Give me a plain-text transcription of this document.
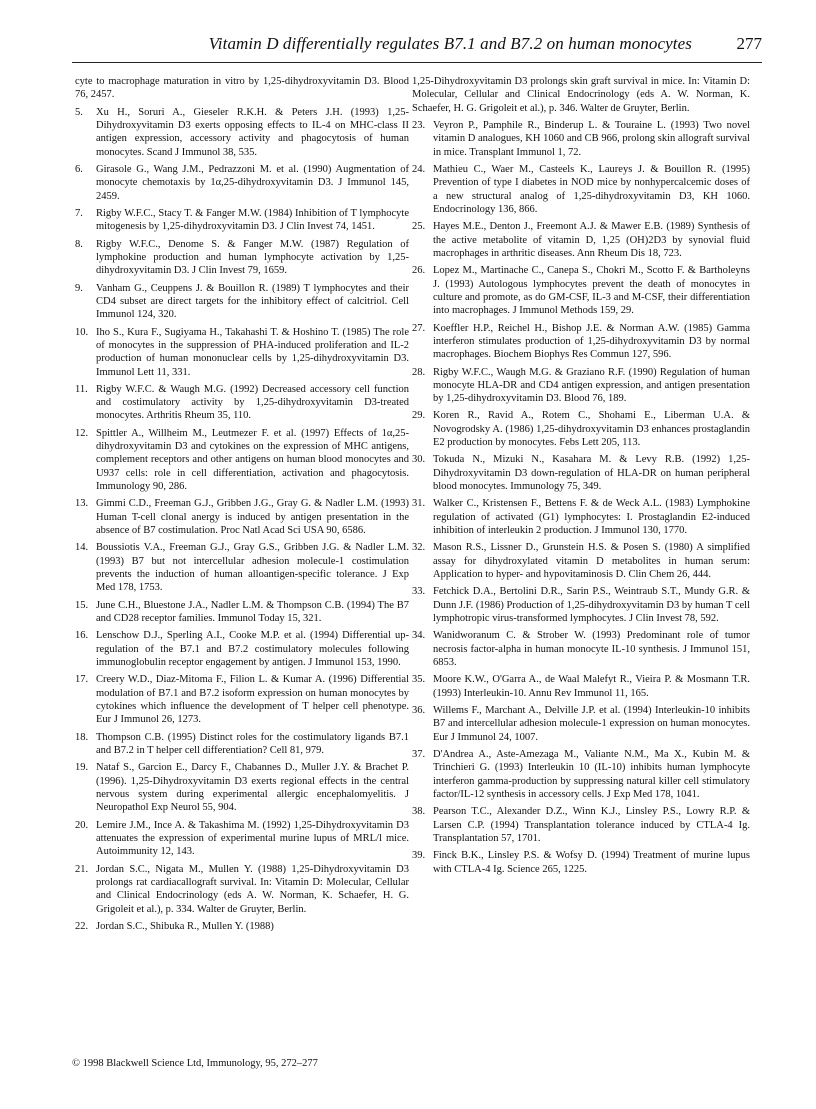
Vitamin D differentially regulates B7.1 and B7.2 on human monocytes	277
cyte to macrophage maturation in vitro by 1,25-dihydroxyvitamin D3. Blood 76, 2457.
5.	Xu H., Soruri A., Gieseler R.K.H. & Peters J.H. (1993) 1,25-Dihydroxyvitamin D3 exerts opposing effects to IL-4 on MHC-class II antigen expression, accessory activity and phagocytosis of human monocytes. Scand J Immunol 38, 535.
6.	Girasole G., Wang J.M., Pedrazzoni M. et al. (1990) Augmentation of monocyte chemotaxis by 1α,25-dihydroxyvitamin D3. J Immunol 145, 2459.
7.	Rigby W.F.C., Stacy T. & Fanger M.W. (1984) Inhibition of T lymphocyte mitogenesis by 1,25-dihydroxyvitamin D3. J Clin Invest 74, 1451.
8.	Rigby W.F.C., Denome S. & Fanger M.W. (1987) Regulation of lymphokine production and human lymphocyte activation by 1,25-dihydroxyvitamin D3. J Clin Invest 79, 1659.
9.	Vanham G., Ceuppens J. & Bouillon R. (1989) T lymphocytes and their CD4 subset are direct targets for the inhibitory effect of calcitriol. Cell Immunol 124, 320.
10. Iho S., Kura F., Sugiyama H., Takahashi T. & Hoshino T. (1985) The role of monocytes in the suppression of PHA-induced proliferation and IL-2 production of human mononuclear cells by 1,25-dihydroxyvitamin D3. Immunol Lett 11, 331.
11. Rigby W.F.C. & Waugh M.G. (1992) Decreased accessory cell function and costimulatory activity by 1,25-dihydroxyvitamin D3-treated monocytes. Arthritis Rheum 35, 110.
12. Spittler A., Willheim M., Leutmezer F. et al. (1997) Effects of 1α,25-dihydroxyvitamin D3 and cytokines on the expression of MHC antigens, complement receptors and other antigens on human blood monocytes and U937 cells: role in cell differentiation, activation and phagocytosis. Immunology 90, 286.
13. Gimmi C.D., Freeman G.J., Gribben J.G., Gray G. & Nadler L.M. (1993) Human T-cell clonal anergy is induced by antigen presentation in the absence of B7 costimulation. Proc Natl Acad Sci USA 90, 6586.
14. Boussiotis V.A., Freeman G.J., Gray G.S., Gribben J.G. & Nadler L.M. (1993) B7 but not intercellular adhesion molecule-1 costimulation prevents the induction of human alloantigen-specific tolerance. J Exp Med 178, 1753.
15. June C.H., Bluestone J.A., Nadler L.M. & Thompson C.B. (1994) The B7 and CD28 receptor families. Immunol Today 15, 321.
16. Lenschow D.J., Sperling A.I., Cooke M.P. et al. (1994) Differential up-regulation of the B7.1 and B7.2 costimulatory molecules following immunoglobulin receptor engagement by antigen. J Immunol 153, 1990.
17. Creery W.D., Diaz-Mitoma F., Filion L. & Kumar A. (1996) Differential modulation of B7.1 and B7.2 isoform expression on human monocytes by cytokines which influence the development of T helper cell phenotype. Eur J Immunol 26, 1273.
18. Thompson C.B. (1995) Distinct roles for the costimulatory ligands B7.1 and B7.2 in T helper cell differentiation? Cell 81, 979.
19. Nataf S., Garcion E., Darcy F., Chabannes D., Muller J.Y. & Brachet P. (1996). 1,25-Dihydroxyvitamin D3 exerts regional effects in the central nervous system during experimental allergic encephalomyelitis. J Neuropathol Exp Neurol 55, 904.
20. Lemire J.M., Ince A. & Takashima M. (1992) 1,25-Dihydroxyvitamin D3 attenuates the expression of experimental murine lupus of MRL/l mice. Autoimmunity 12, 143.
21. Jordan S.C., Nigata M., Mullen Y. (1988) 1,25-Dihydroxyvitamin D3 prolongs rat cardiacallograft survival. In: Vitamin D: Molecular, Cellular and Clinical Endocrinology (eds A. W. Norman, K. Schaefer, H. G. Grigoleit et al.), p. 334. Walter de Gruyter, Berlin.
22. Jordan S.C., Shibuka R., Mullen Y. (1988)
1,25-Dihydroxyvitamin D3 prolongs skin graft survival in mice. In: Vitamin D: Molecular, Cellular and Clinical Endocrinology (eds A. W. Norman, K. Schaefer, H. G. Grigoleit et al.), p. 346. Walter de Gruyter, Berlin.
23. Veyron P., Pamphile R., Binderup L. & Touraine L. (1993) Two novel vitamin D analogues, KH 1060 and CB 966, prolong skin allograft survival in mice. Transplant Immunol 1, 72.
24. Mathieu C., Waer M., Casteels K., Laureys J. & Bouillon R. (1995) Prevention of type I diabetes in NOD mice by nonhypercalcemic doses of a new structural analog of 1,25-dihydroxyvitamin D3, KH 1060. Endocrinology 136, 866.
25. Hayes M.E., Denton J., Freemont A.J. & Mawer E.B. (1989) Synthesis of the active metabolite of vitamin D, 1,25 (OH)2D3 by synovial fluid macrophages in arthritic diseases. Ann Rheum Dis 18, 723.
26. Lopez M., Martinache C., Canepa S., Chokri M., Scotto F. & Bartholeyns J. (1993) Autologous lymphocytes prevent the death of monocytes in culture and promote, as do GM-CSF, IL-3 and M-CSF, their differentiation into macrophages. J Immunol Methods 159, 29.
27. Koeffler H.P., Reichel H., Bishop J.E. & Norman A.W. (1985) Gamma interferon stimulates production of 1,25-dihydroxyvitamin D3 by normal macrophages. Biochem Biophys Res Commun 127, 596.
28. Rigby W.F.C., Waugh M.G. & Graziano R.F. (1990) Regulation of human monocyte HLA-DR and CD4 antigen expression, and antigen presentation by 1,25-dihydroxyvitamin D3. Blood 76, 189.
29. Koren R., Ravid A., Rotem C., Shohami E., Liberman U.A. & Novogrodsky A. (1986) 1,25-dihydroxyvitamin D3 enhances prostaglandin E2 production by monocytes. Febs Lett 205, 113.
30. Tokuda N., Mizuki N., Kasahara M. & Levy R.B. (1992) 1,25-Dihydroxyvitamin D3 down-regulation of HLA-DR on human peripheral blood monocytes. Immunology 75, 349.
31. Walker C., Kristensen F., Bettens F. & de Weck A.L. (1983) Lymphokine regulation of activated (G1) lymphocytes: I. Prostaglandin E2-induced inhibition of interleukin 2 production. J Immunol 130, 1770.
32. Mason R.S., Lissner D., Grunstein H.S. & Posen S. (1980) A simplified assay for dihydroxylated vitamin D metabolites in human serum: Application to hyper- and hypovitaminosis D. Clin Chem 26, 444.
33. Fetchick D.A., Bertolini D.R., Sarin P.S., Weintraub S.T., Mundy G.R. & Dunn J.F. (1986) Production of 1,25-dihydroxyvitamin D3 by human T cell lymphotropic virus-transformed lymphocytes. J Clin Invest 78, 592.
34. Wanidworanum C. & Strober W. (1993) Predominant role of tumor necrosis factor-alpha in human monocyte IL-10 synthesis. J Immunol 151, 6853.
35. Moore K.W., O'Garra A., de Waal Malefyt R., Vieira P. & Mosmann T.R. (1993) Interleukin-10. Annu Rev Immunol 11, 165.
36. Willems F., Marchant A., Delville J.P. et al. (1994) Interleukin-10 inhibits B7 and intercellular adhesion molecule-1 expression on human monocytes. Eur J Immunol 24, 1007.
37. D'Andrea A., Aste-Amezaga M., Valiante N.M., Ma X., Kubin M. & Trinchieri G. (1993) Interleukin 10 (IL-10) inhibits human lymphocyte interferon gamma-production by suppressing natural killer cell stimulatory factor/IL-12 synthesis in accessory cells. J Exp Med 178, 1041.
38. Pearson T.C., Alexander D.Z., Winn K.J., Linsley P.S., Lowry R.P. & Larsen C.P. (1994) Transplantation tolerance induced by CTLA-4 Ig. Transplantation 57, 1701.
39. Finck B.K., Linsley P.S. & Wofsy D. (1994) Treatment of murine lupus with CTLA-4 Ig. Science 265, 1225.
© 1998 Blackwell Science Ltd, Immunology, 95, 272–277
